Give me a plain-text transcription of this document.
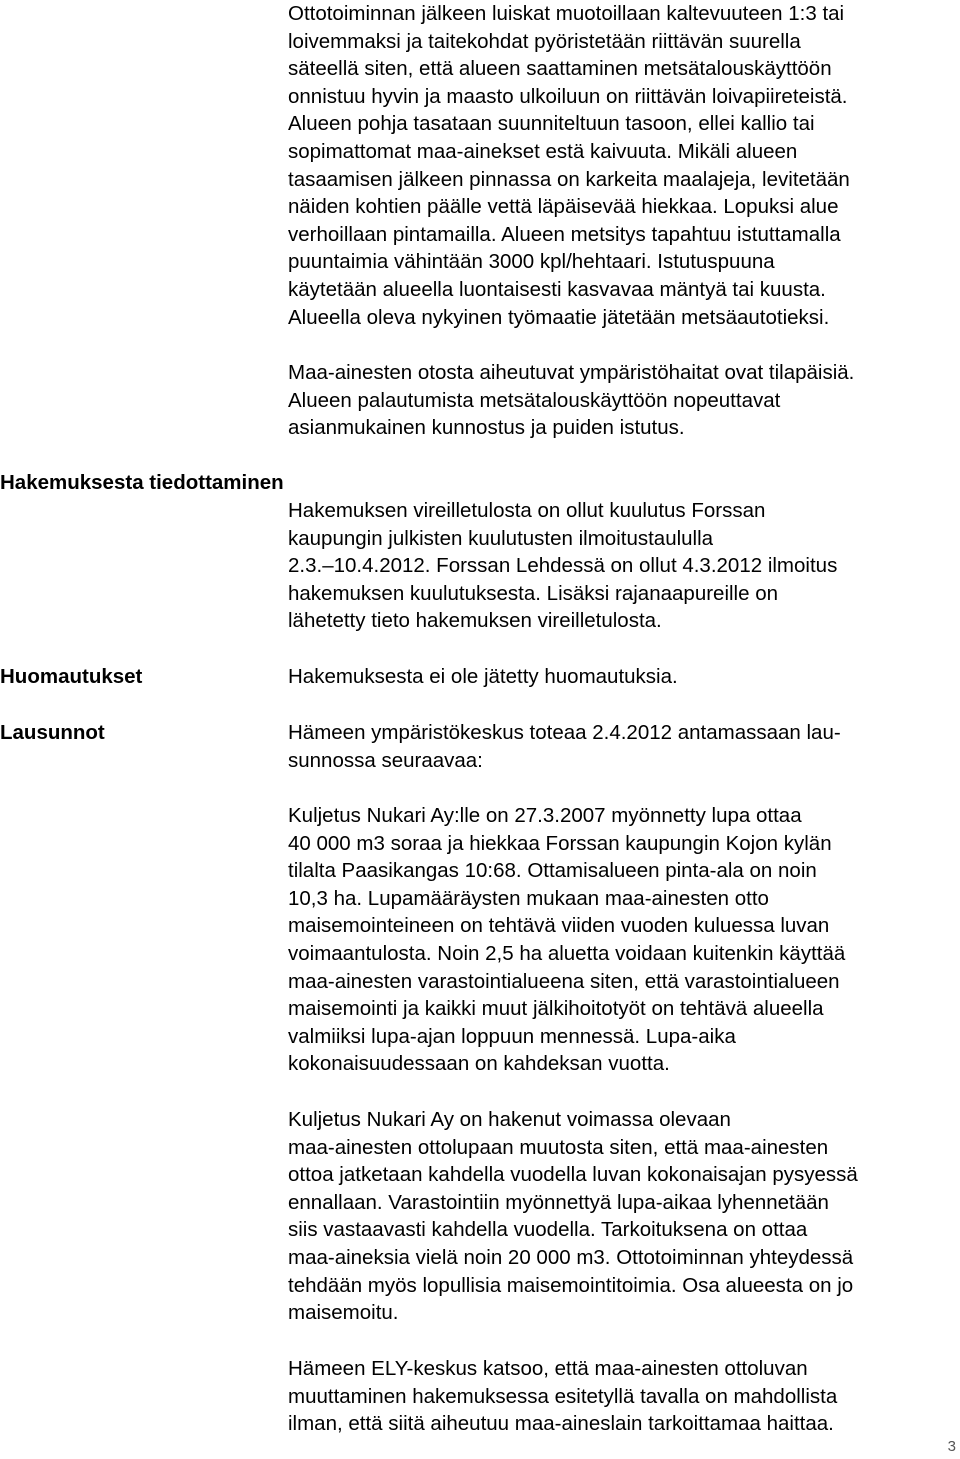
Ottotoiminnan jälkeen luiskat muotoillaan kaltevuuteen 1:3 tai
loivemmaksi ja taitekohdat pyöristetään riittävän suurella
säteellä siten, että alueen saattaminen metsätalouskäyttöön
onnistuu hyvin ja maasto ulkoiluun on riittävän loivapiireteistä.
Alueen pohja tasataan suunniteltuun tasoon, ellei kallio tai
sopimattomat maa-ainekset estä kaivuuta. Mikäli alueen
tasaamisen jälkeen pinnassa on karkeita maalajeja, levitetään
näiden kohtien päälle vettä läpäisevää hiekkaa. Lopuksi alue
verhoillaan pintamailla. Alueen metsitys tapahtuu istuttamalla
puuntaimia vähintään 3000 kpl/hehtaari. Istutuspuuna
käytetään alueella luontaisesti kasvavaa mäntyä tai kuusta.
Alueella oleva nykyinen työmaatie jätetään metsäautotieksi.
Maa-ainesten otosta aiheutuvat ympäristöhaitat ovat tilapäisiä.
Alueen palautumista metsätalouskäyttöön nopeuttavat
asianmukainen kunnostus ja puiden istutus.
Hakemuksesta tiedottaminen
Hakemuksen vireilletulosta on ollut kuulutus Forssan
kaupungin julkisten kuulutusten ilmoitustaululla
2.3.–10.4.2012. Forssan Lehdessä on ollut 4.3.2012 ilmoitus
hakemuksen kuulutuksesta. Lisäksi rajanaapureille on
lähetetty tieto hakemuksen vireilletulosta.
Huomautukset	Hakemuksesta ei ole jätetty huomautuksia.
Lausunnot	Hämeen ympäristökeskus toteaa 2.4.2012 antamassaan lau-
sunnossa seuraavaa:
Kuljetus Nukari Ay:lle on 27.3.2007 myönnetty lupa ottaa
40 000 m3 soraa ja hiekkaa Forssan kaupungin Kojon kylän
tilalta Paasikangas 10:68. Ottamisalueen pinta-ala on noin
10,3 ha. Lupamääräysten mukaan maa-ainesten otto
maisemointeineen on tehtävä viiden vuoden kuluessa luvan
voimaantulosta. Noin 2,5 ha aluetta voidaan kuitenkin käyttää
maa-ainesten varastointialueena siten, että varastointialueen
maisemointi ja kaikki muut jälkihoitotyöt on tehtävä alueella
valmiiksi lupa-ajan loppuun mennessä. Lupa-aika
kokonaisuudessaan on kahdeksan vuotta.
Kuljetus Nukari Ay on hakenut voimassa olevaan
maa-ainesten ottolupaan muutosta siten, että maa-ainesten
ottoa jatketaan kahdella vuodella luvan kokonaisajan pysyessä
ennallaan. Varastointiin myönnettyä lupa-aikaa lyhennetään
siis vastaavasti kahdella vuodella. Tarkoituksena on ottaa
maa-aineksia vielä noin 20 000 m3. Ottotoiminnan yhteydessä
tehdään myös lopullisia maisemointitoimia. Osa alueesta on jo
maisemoitu.
Hämeen ELY-keskus katsoo, että maa-ainesten ottoluvan
muuttaminen hakemuksessa esitetyllä tavalla on mahdollista
ilman, että siitä aiheutuu maa-aineslain tarkoittamaa haittaa.
3
